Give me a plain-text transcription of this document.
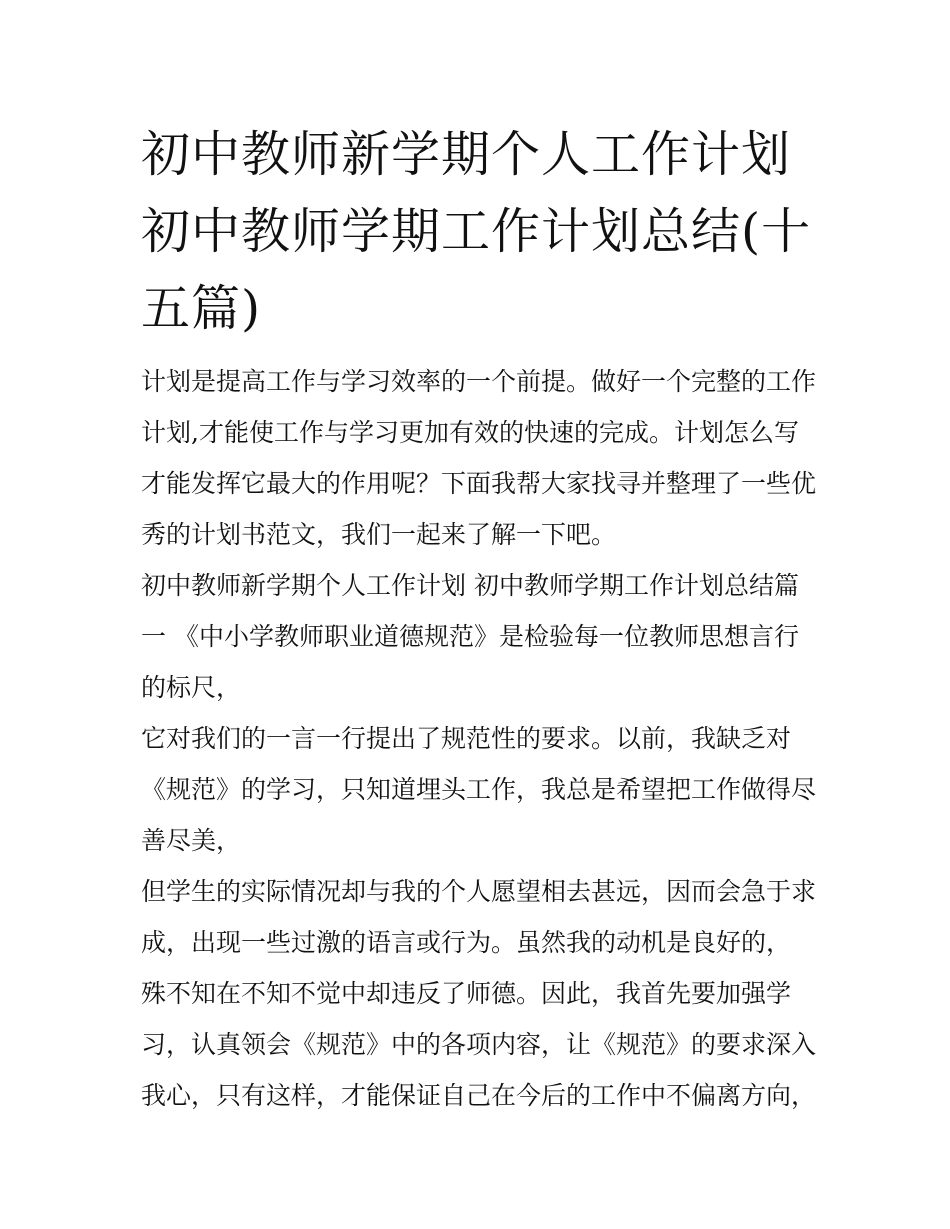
初中教师新学期个人工作计划 初中教师学期工作计划总结(十五篇)

计划是提高工作与学习效率的一个前提。做好一个完整的工作计划,才能使工作与学习更加有效的快速的完成。计划怎么写才能发挥它最大的作用呢？下面我帮大家找寻并整理了一些优秀的计划书范文，我们一起来了解一下吧。

初中教师新学期个人工作计划 初中教师学期工作计划总结篇一 《中小学教师职业道德规范》是检验每一位教师思想言行的标尺，

它对我们的一言一行提出了规范性的要求。以前，我缺乏对《规范》的学习，只知道埋头工作，我总是希望把工作做得尽善尽美，

但学生的实际情况却与我的个人愿望相去甚远，因而会急于求成，出现一些过激的语言或行为。虽然我的动机是良好的，

殊不知在不知不觉中却违反了师德。因此，我首先要加强学习，认真领会《规范》中的各项内容，让《规范》的要求深入我心，只有这样，才能保证自己在今后的工作中不偏离方向，
